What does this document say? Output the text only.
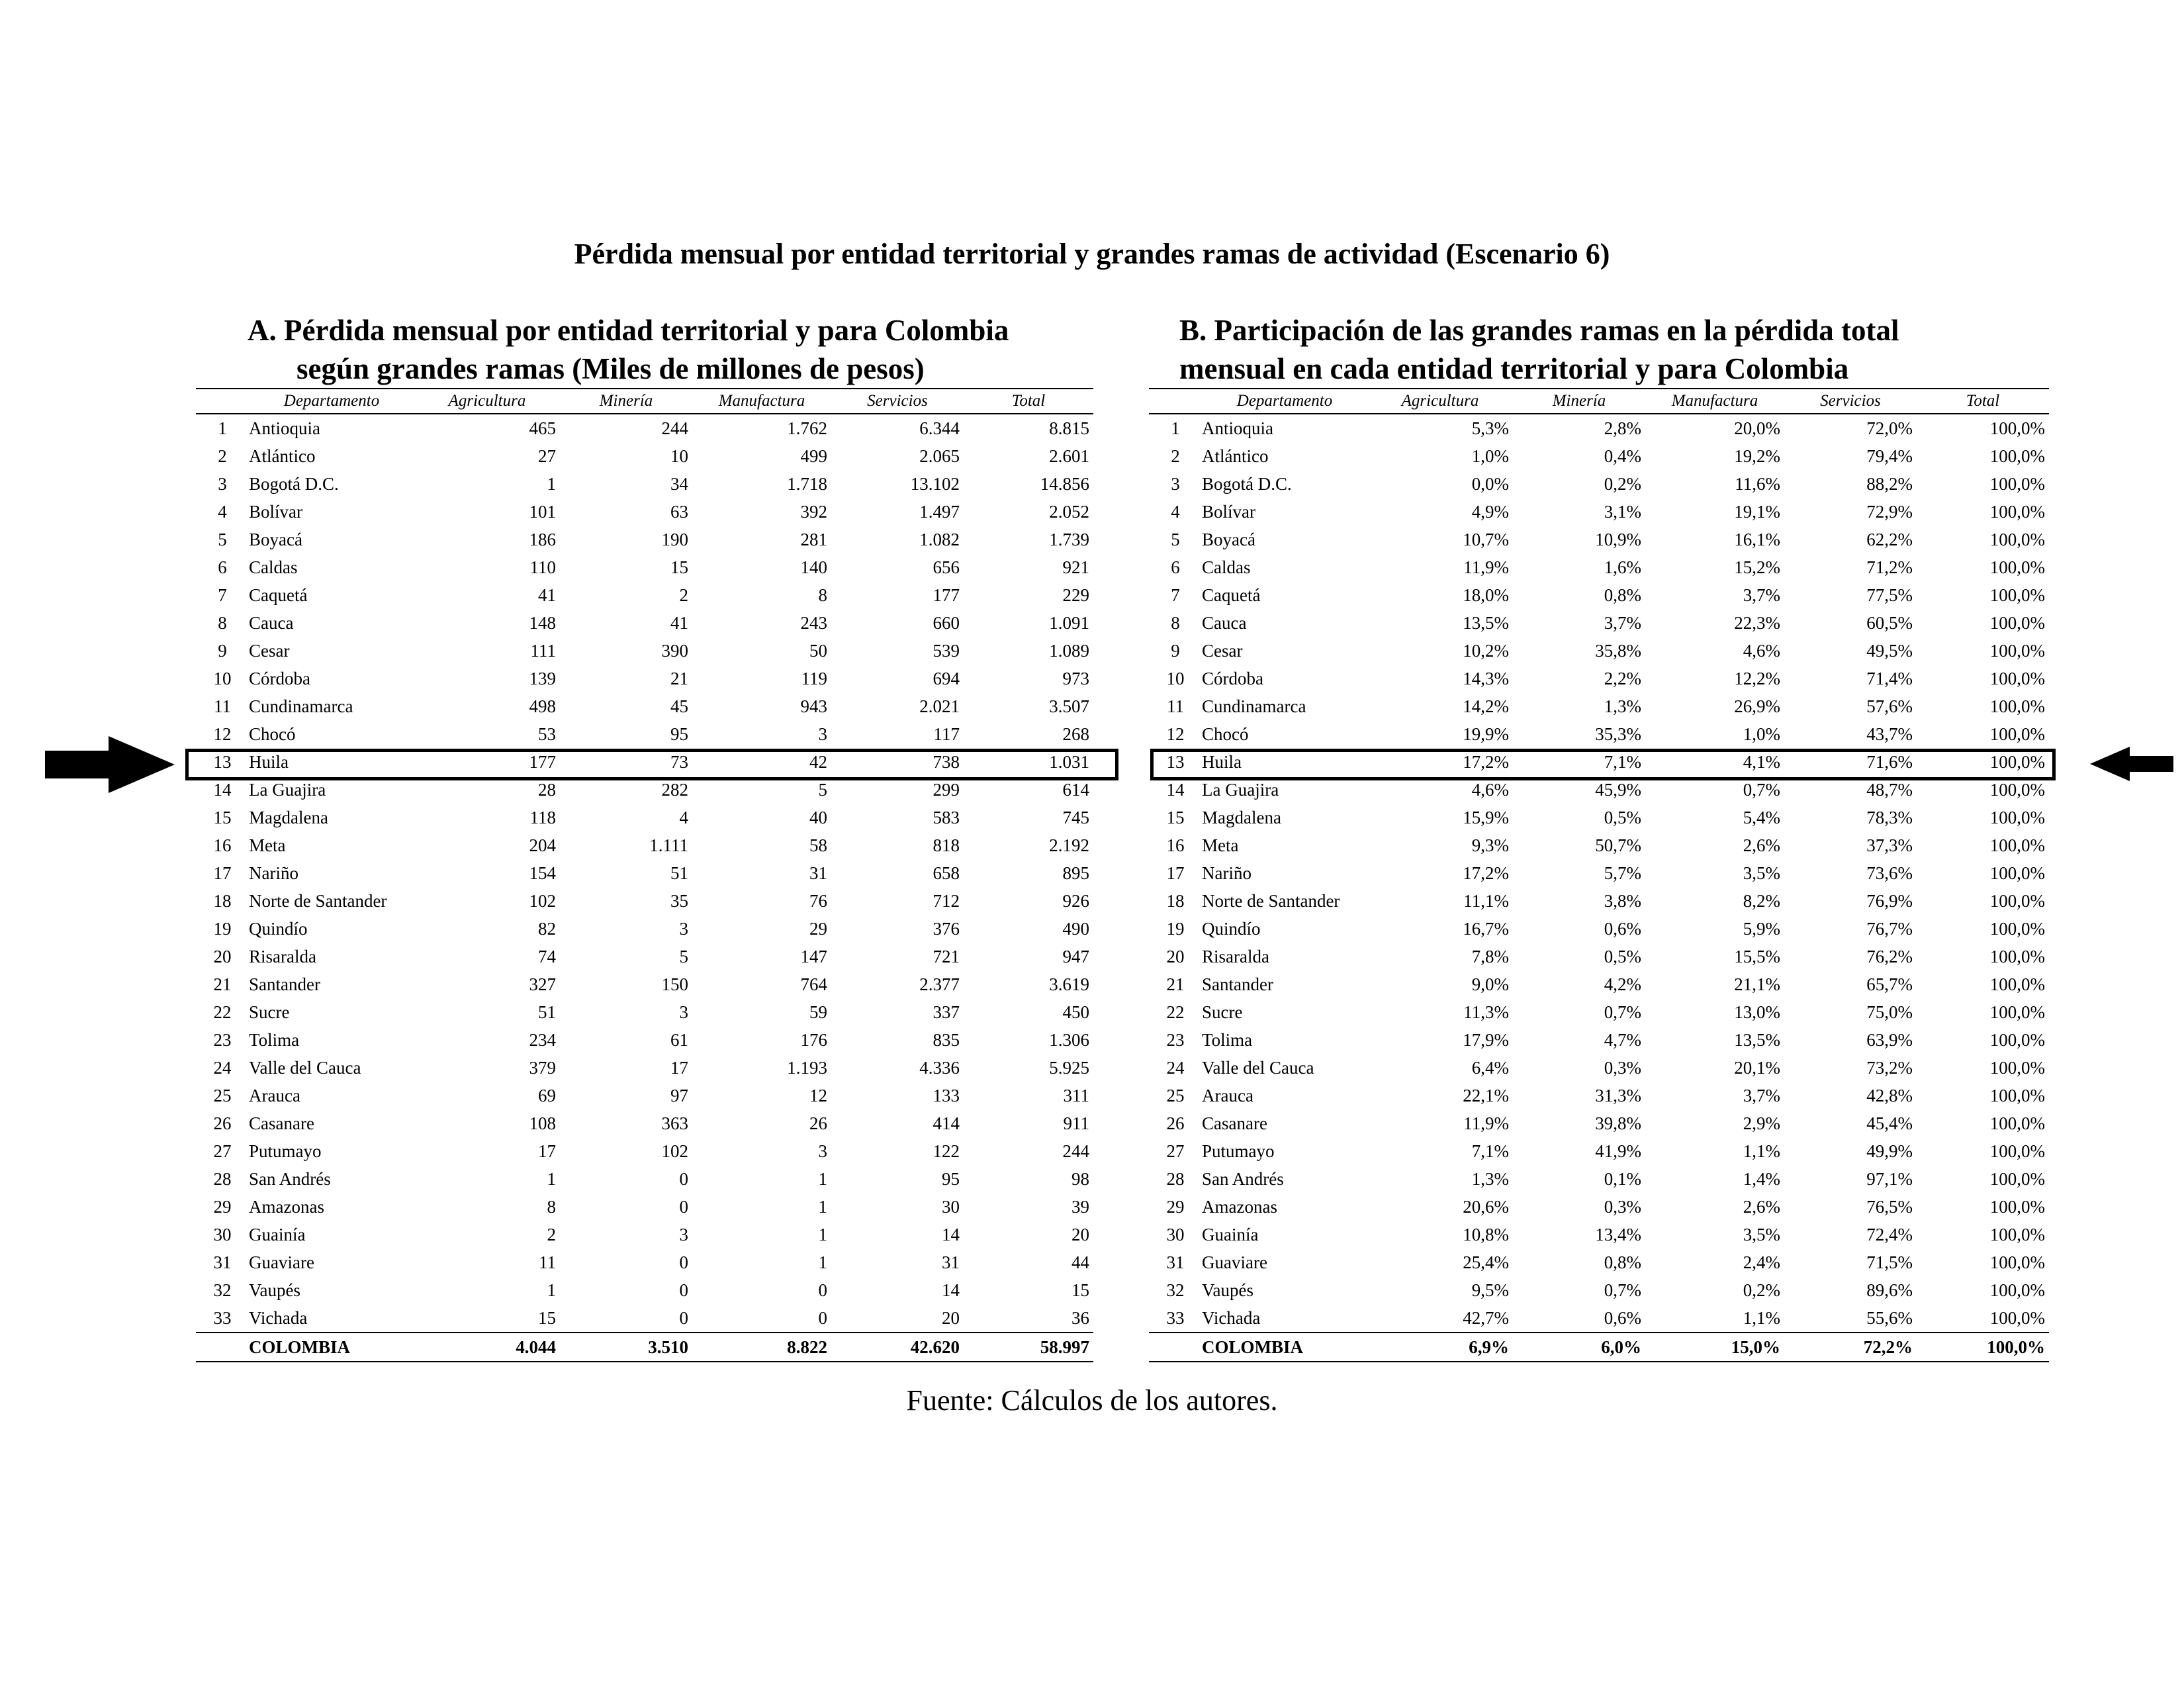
Pérdida mensual por entidad territorial y grandes ramas de actividad (Escenario 6)
A. Pérdida mensual por entidad territorial y para Colombia
según grandes ramas (Miles de millones de pesos)
	Departamento	Agricultura	Minería	Manufactura	Servicios	Total
1	Antioquia	465	244	1.762	6.344	8.815
2	Atlántico	27	10	499	2.065	2.601
3	Bogotá D.C.	1	34	1.718	13.102	14.856
4	Bolívar	101	63	392	1.497	2.052
5	Boyacá	186	190	281	1.082	1.739
6	Caldas	110	15	140	656	921
7	Caquetá	41	2	8	177	229
8	Cauca	148	41	243	660	1.091
9	Cesar	111	390	50	539	1.089
10	Córdoba	139	21	119	694	973
11	Cundinamarca	498	45	943	2.021	3.507
12	Chocó	53	95	3	117	268
13	Huila	177	73	42	738	1.031
14	La Guajira	28	282	5	299	614
15	Magdalena	118	4	40	583	745
16	Meta	204	1.111	58	818	2.192
17	Nariño	154	51	31	658	895
18	Norte de Santander	102	35	76	712	926
19	Quindío	82	3	29	376	490
20	Risaralda	74	5	147	721	947
21	Santander	327	150	764	2.377	3.619
22	Sucre	51	3	59	337	450
23	Tolima	234	61	176	835	1.306
24	Valle del Cauca	379	17	1.193	4.336	5.925
25	Arauca	69	97	12	133	311
26	Casanare	108	363	26	414	911
27	Putumayo	17	102	3	122	244
28	San Andrés	1	0	1	95	98
29	Amazonas	8	0	1	30	39
30	Guainía	2	3	1	14	20
31	Guaviare	11	0	1	31	44
32	Vaupés	1	0	0	14	15
33	Vichada	15	0	0	20	36
	COLOMBIA	4.044	3.510	8.822	42.620	58.997
B. Participación de las grandes ramas en la pérdida total
mensual en cada entidad territorial y para Colombia
	Departamento	Agricultura	Minería	Manufactura	Servicios	Total
1	Antioquia	5,3%	2,8%	20,0%	72,0%	100,0%
2	Atlántico	1,0%	0,4%	19,2%	79,4%	100,0%
3	Bogotá D.C.	0,0%	0,2%	11,6%	88,2%	100,0%
4	Bolívar	4,9%	3,1%	19,1%	72,9%	100,0%
5	Boyacá	10,7%	10,9%	16,1%	62,2%	100,0%
6	Caldas	11,9%	1,6%	15,2%	71,2%	100,0%
7	Caquetá	18,0%	0,8%	3,7%	77,5%	100,0%
8	Cauca	13,5%	3,7%	22,3%	60,5%	100,0%
9	Cesar	10,2%	35,8%	4,6%	49,5%	100,0%
10	Córdoba	14,3%	2,2%	12,2%	71,4%	100,0%
11	Cundinamarca	14,2%	1,3%	26,9%	57,6%	100,0%
12	Chocó	19,9%	35,3%	1,0%	43,7%	100,0%
13	Huila	17,2%	7,1%	4,1%	71,6%	100,0%
14	La Guajira	4,6%	45,9%	0,7%	48,7%	100,0%
15	Magdalena	15,9%	0,5%	5,4%	78,3%	100,0%
16	Meta	9,3%	50,7%	2,6%	37,3%	100,0%
17	Nariño	17,2%	5,7%	3,5%	73,6%	100,0%
18	Norte de Santander	11,1%	3,8%	8,2%	76,9%	100,0%
19	Quindío	16,7%	0,6%	5,9%	76,7%	100,0%
20	Risaralda	7,8%	0,5%	15,5%	76,2%	100,0%
21	Santander	9,0%	4,2%	21,1%	65,7%	100,0%
22	Sucre	11,3%	0,7%	13,0%	75,0%	100,0%
23	Tolima	17,9%	4,7%	13,5%	63,9%	100,0%
24	Valle del Cauca	6,4%	0,3%	20,1%	73,2%	100,0%
25	Arauca	22,1%	31,3%	3,7%	42,8%	100,0%
26	Casanare	11,9%	39,8%	2,9%	45,4%	100,0%
27	Putumayo	7,1%	41,9%	1,1%	49,9%	100,0%
28	San Andrés	1,3%	0,1%	1,4%	97,1%	100,0%
29	Amazonas	20,6%	0,3%	2,6%	76,5%	100,0%
30	Guainía	10,8%	13,4%	3,5%	72,4%	100,0%
31	Guaviare	25,4%	0,8%	2,4%	71,5%	100,0%
32	Vaupés	9,5%	0,7%	0,2%	89,6%	100,0%
33	Vichada	42,7%	0,6%	1,1%	55,6%	100,0%
	COLOMBIA	6,9%	6,0%	15,0%	72,2%	100,0%
Fuente: Cálculos de los autores.
